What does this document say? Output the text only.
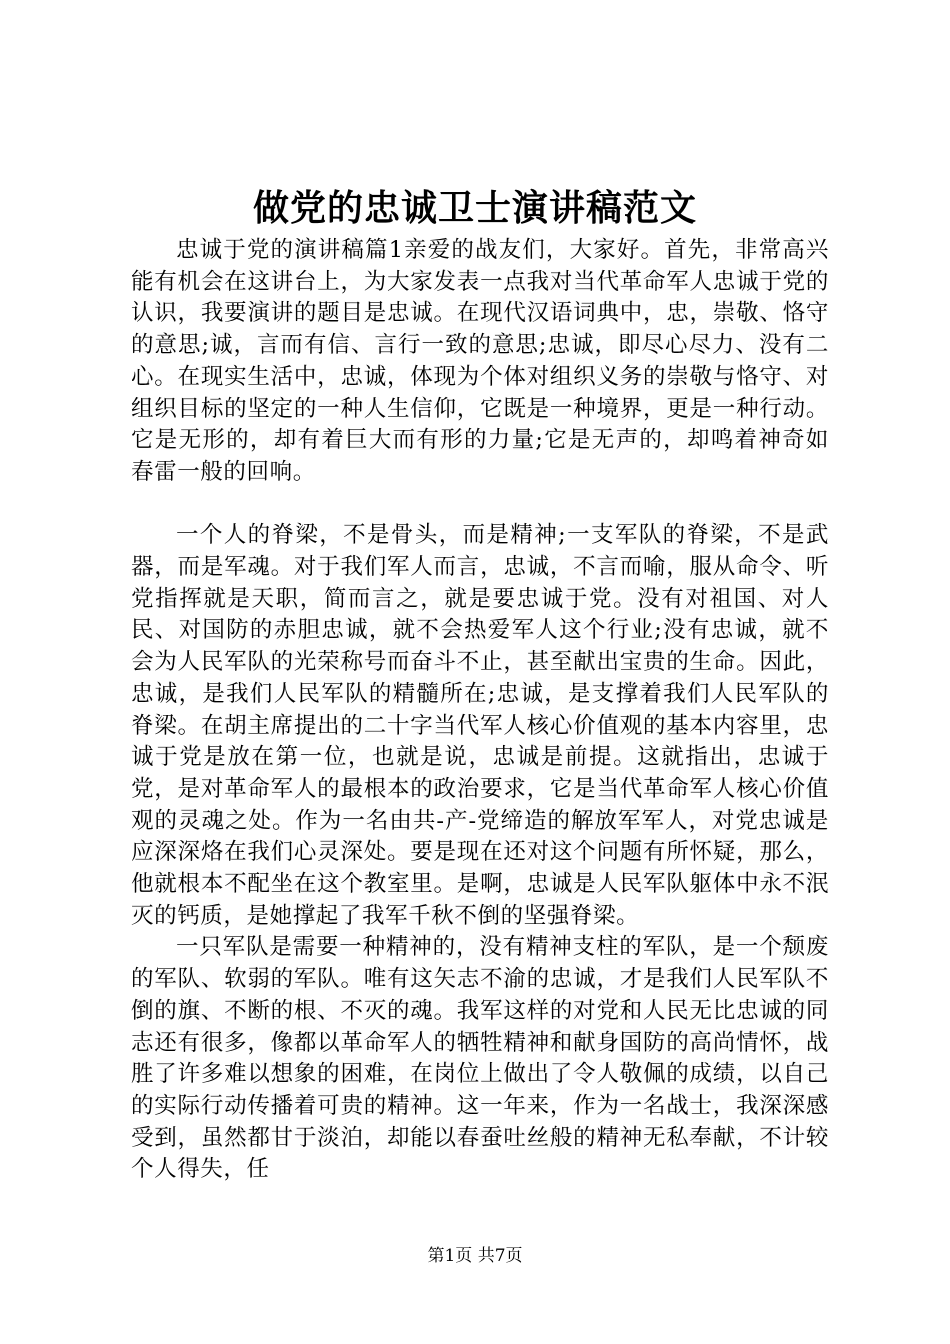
做党的忠诚卫士演讲稿范文

忠诚于党的演讲稿篇1亲爱的战友们，大家好。首先，非常高兴能有机会在这讲台上，为大家发表一点我对当代革命军人忠诚于党的认识，我要演讲的题目是忠诚。在现代汉语词典中，忠，崇敬、恪守的意思;诚，言而有信、言行一致的意思;忠诚，即尽心尽力、没有二心。在现实生活中，忠诚，体现为个体对组织义务的崇敬与恪守、对组织目标的坚定的一种人生信仰，它既是一种境界，更是一种行动。它是无形的，却有着巨大而有形的力量;它是无声的，却鸣着神奇如春雷一般的回响。

一个人的脊梁，不是骨头，而是精神;一支军队的脊梁，不是武器，而是军魂。对于我们军人而言，忠诚，不言而喻，服从命令、听党指挥就是天职，简而言之，就是要忠诚于党。没有对祖国、对人民、对国防的赤胆忠诚，就不会热爱军人这个行业;没有忠诚，就不会为人民军队的光荣称号而奋斗不止，甚至献出宝贵的生命。因此，忠诚，是我们人民军队的精髓所在;忠诚，是支撑着我们人民军队的脊梁。在胡主席提出的二十字当代军人核心价值观的基本内容里，忠诚于党是放在第一位，也就是说，忠诚是前提。这就指出，忠诚于党，是对革命军人的最根本的政治要求，它是当代革命军人核心价值观的灵魂之处。作为一名由共-产-党缔造的解放军军人，对党忠诚是应深深烙在我们心灵深处。要是现在还对这个问题有所怀疑，那么，他就根本不配坐在这个教室里。是啊，忠诚是人民军队躯体中永不泯灭的钙质，是她撑起了我军千秋不倒的坚强脊梁。

一只军队是需要一种精神的，没有精神支柱的军队，是一个颓废的军队、软弱的军队。唯有这矢志不渝的忠诚，才是我们人民军队不倒的旗、不断的根、不灭的魂。我军这样的对党和人民无比忠诚的同志还有很多，像都以革命军人的牺牲精神和献身国防的高尚情怀，战胜了许多难以想象的困难，在岗位上做出了令人敬佩的成绩，以自己的实际行动传播着可贵的精神。这一年来，作为一名战士，我深深感受到，虽然都甘于淡泊，却能以春蚕吐丝般的精神无私奉献，不计较个人得失，任

第1页 共7页
